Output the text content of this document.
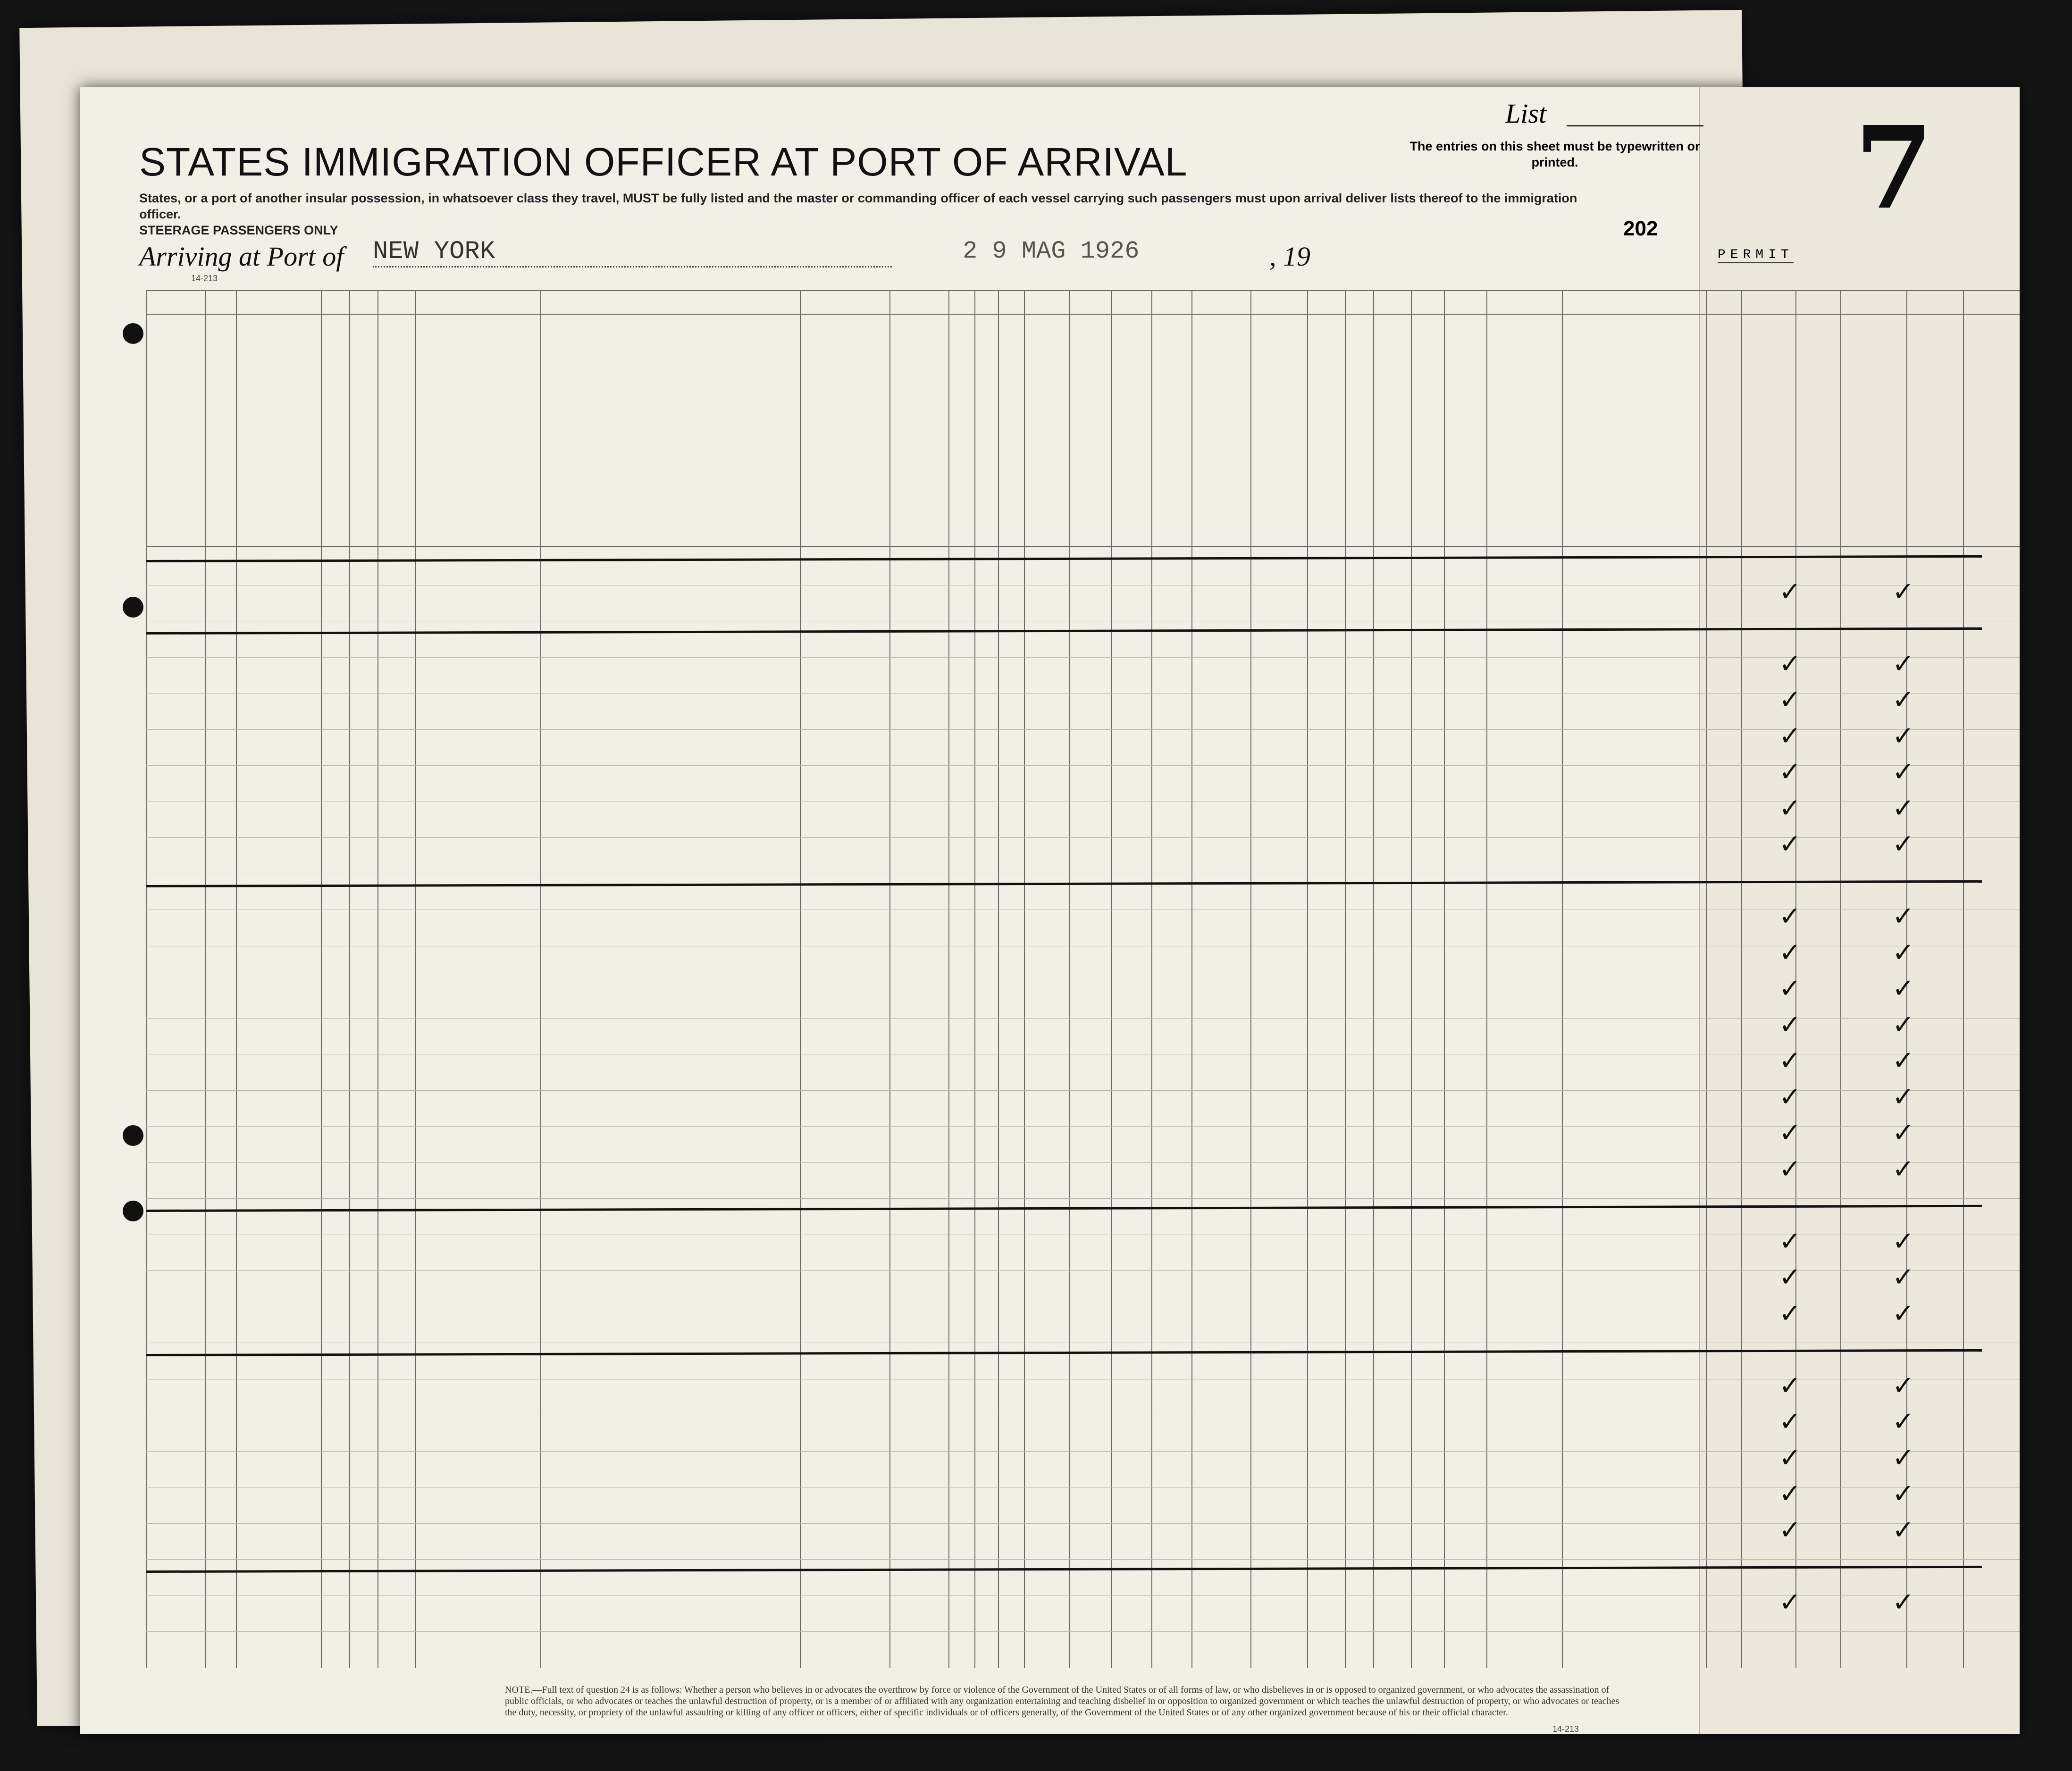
STATES IMMIGRATION OFFICER AT PORT OF ARRIVAL
States, or a port of another insular possession, in whatsoever class they travel, MUST be fully listed and the master or commanding officer of each vessel carrying such passengers must upon arrival deliver lists thereof to the immigration officer.
STEERAGE PASSENGERS ONLY
Arriving at Port of NEW YORK	2 9 MAG 1926	, 19
202
List
The entries on this sheet must be typewritten or printed.	7
PERMIT
14-213
✓	✓
✓	✓
✓	✓
✓	✓
✓	✓
✓	✓
✓	✓
✓	✓
✓	✓
✓	✓
✓	✓
✓	✓
✓	✓
✓	✓
✓	✓
✓	✓
✓	✓
✓	✓
✓	✓
✓	✓
✓	✓
✓	✓
✓	✓
✓	✓
NOTE.—Full text of question 24 is as follows: Whether a person who believes in or advocates the overthrow by force or violence of the Government of the United States or of all forms of law, or who disbelieves in or is opposed to organized government, or who advocates the assassination of public officials, or who advocates or teaches the unlawful destruction of property, or is a member of or affiliated with any organization entertaining and teaching disbelief in or opposition to organized government or which teaches the unlawful destruction of property, or who advocates or teaches the duty, necessity, or propriety of the unlawful assaulting or killing of any officer or officers, either of specific individuals or of officers generally, of the Government of the United States or of any other organized government because of his or their official character.
14-213
